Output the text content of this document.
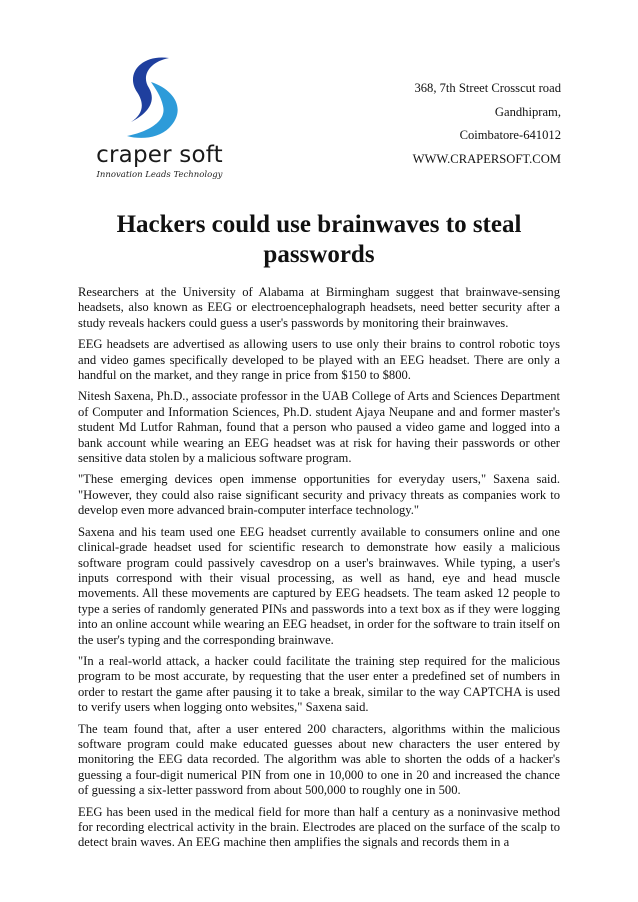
craper soft
Innovation Leads Technology
368, 7th Street Crosscut road
Gandhipram,
Coimbatore-641012
WWW.CRAPERSOFT.COM
Hackers could use brainwaves to steal passwords

Researchers at the University of Alabama at Birmingham suggest that brainwave-sensing headsets, also known as EEG or electroencephalograph headsets, need better security after a study reveals hackers could guess a user's passwords by monitoring their brainwaves.

EEG headsets are advertised as allowing users to use only their brains to control robotic toys and video games specifically developed to be played with an EEG headset. There are only a handful on the market, and they range in price from $150 to $800.

Nitesh Saxena, Ph.D., associate professor in the UAB College of Arts and Sciences Department of Computer and Information Sciences, Ph.D. student Ajaya Neupane and and former master's student Md Lutfor Rahman, found that a person who paused a video game and logged into a bank account while wearing an EEG headset was at risk for having their passwords or other sensitive data stolen by a malicious software program.

"These emerging devices open immense opportunities for everyday users," Saxena said. "However, they could also raise significant security and privacy threats as companies work to develop even more advanced brain-computer interface technology."

Saxena and his team used one EEG headset currently available to consumers online and one clinical-grade headset used for scientific research to demonstrate how easily a malicious software program could passively cavesdrop on a user's brainwaves. While typing, a user's inputs correspond with their visual processing, as well as hand, eye and head muscle movements. All these movements are captured by EEG headsets. The team asked 12 people to type a series of randomly generated PINs and passwords into a text box as if they were logging into an online account while wearing an EEG headset, in order for the software to train itself on the user's typing and the corresponding brainwave.

"In a real-world attack, a hacker could facilitate the training step required for the malicious program to be most accurate, by requesting that the user enter a predefined set of numbers in order to restart the game after pausing it to take a break, similar to the way CAPTCHA is used to verify users when logging onto websites," Saxena said.

The team found that, after a user entered 200 characters, algorithms within the malicious software program could make educated guesses about new characters the user entered by monitoring the EEG data recorded. The algorithm was able to shorten the odds of a hacker's guessing a four-digit numerical PIN from one in 10,000 to one in 20 and increased the chance of guessing a six-letter password from about 500,000 to roughly one in 500.

EEG has been used in the medical field for more than half a century as a noninvasive method for recording electrical activity in the brain. Electrodes are placed on the surface of the scalp to detect brain waves. An EEG machine then amplifies the signals and records them in a
